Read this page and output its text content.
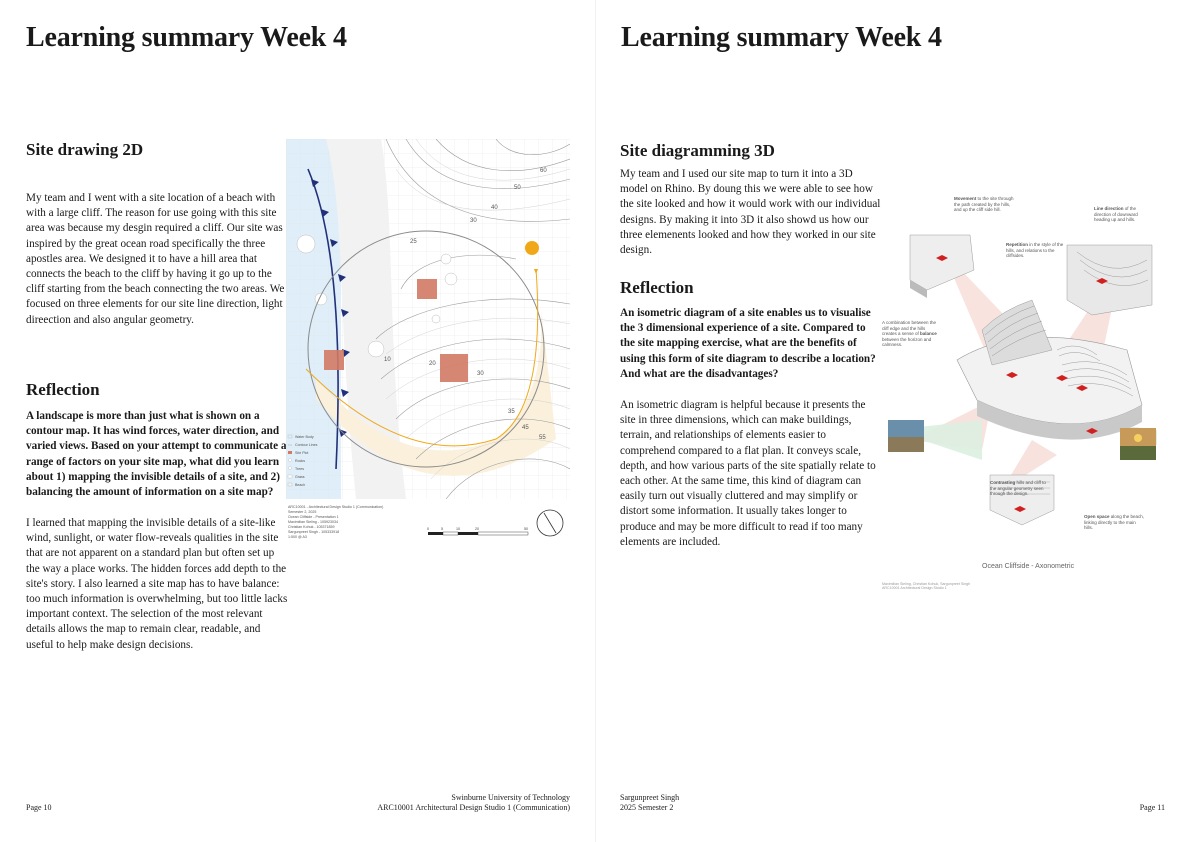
Learning summary Week 4
Site drawing 2D

My team and I went with a site location of a beach with with a large cliff. The reason for use going with this site area was because my desgin required a cliff. Our site was inspired by the great ocean road specifically the three apostles area. We designed it to have a hill area that connects the beach to the cliff by having it go up to the cliff starting from the beach connecting the two areas. We focused on three elements for our site line direction, light direection and also angular geometry.

Reflection

A landscape is more than just what is shown on a contour map. It has wind forces, water direction, and varied views. Based on your attempt to communicate a range of factors on your site map, what did you learn about 1) mapping the invisible details of a site, and 2) balancing the amount of information on a site map?

I learned that mapping the invisible details of a site-like wind, sunlight, or water flow-reveals qualities in the site that are not apparent on a standard plan but often set up the way a place works. The hidden forces add depth to the site's story. I also learned a site map has to have balance: too much information is overwhelming, but too little lacks important context. The selection of the most relevant details allows the map to remain clear, readable, and useful to help make design decisions.

Page 10
Swinburne University of Technology
ARC10001 Architectural Design Studio 1 (Communication)
60
50
40
30
25
10
20
30
35
45
55
Water Body
Contour Lines
Site Plot
Rocks
Trees
Grass
Beach
ARC10001 - Architectural Design Studio 1 (Communication)
Semester 2, 2025
Ocean Cliffside - Presentation 1
Maximilian Sieling - 105923034
Christian Kohuk - 105371859
Sargunpreet Singh - 105333918
1:500 @ A3
0	5	10	20	50
Learning summary Week 4
Site diagramming 3D

My team and I used our site map to turn it into a 3D model on Rhino. By doung this we were able to see how the site looked and how it would work with our individual designs. By making it into 3D it also showd us how our three elemenents looked and how they worked in our site design.

Reflection

An isometric diagram of a site enables us to visualise the 3 dimensional experience of a site. Compared to the site mapping exercise, what are the benefits of using this form of site diagram to describe a location? And what are the disadvantages?

An isometric diagram is helpful because it presents the site in three dimensions, which can make buildings, terrain, and relationships of elements easier to comprehend compared to a flat plan. It conveys scale, depth, and how various parts of the site spatially relate to each other. At the same time, this kind of diagram can easily turn out visually cluttered and may simplify or distort some information. It usually takes longer to produce and may be more difficult to read if too many elements are included.

Sargunpreet Singh
2025 Semester 2	Page 11
Movement to the site through the path created by the hills, and up the cliff side hill.	Line direction of the direction of downward heading up and hills.
Repetition in the style of the hills, and relations to the cliffsides.
A combination between the cliff edge and the hills creates a sense of balance between the horizon and calmness.
Contrasting hills and cliff to the angular geometry seen through the design.
Open space along the beach, linking directly to the main hills.
Ocean Cliffside - Axonometric
Maximilian Sieling, Christian Kohuk, Sargunpreet Singh
ARC10001 Architectural Design Studio 1
